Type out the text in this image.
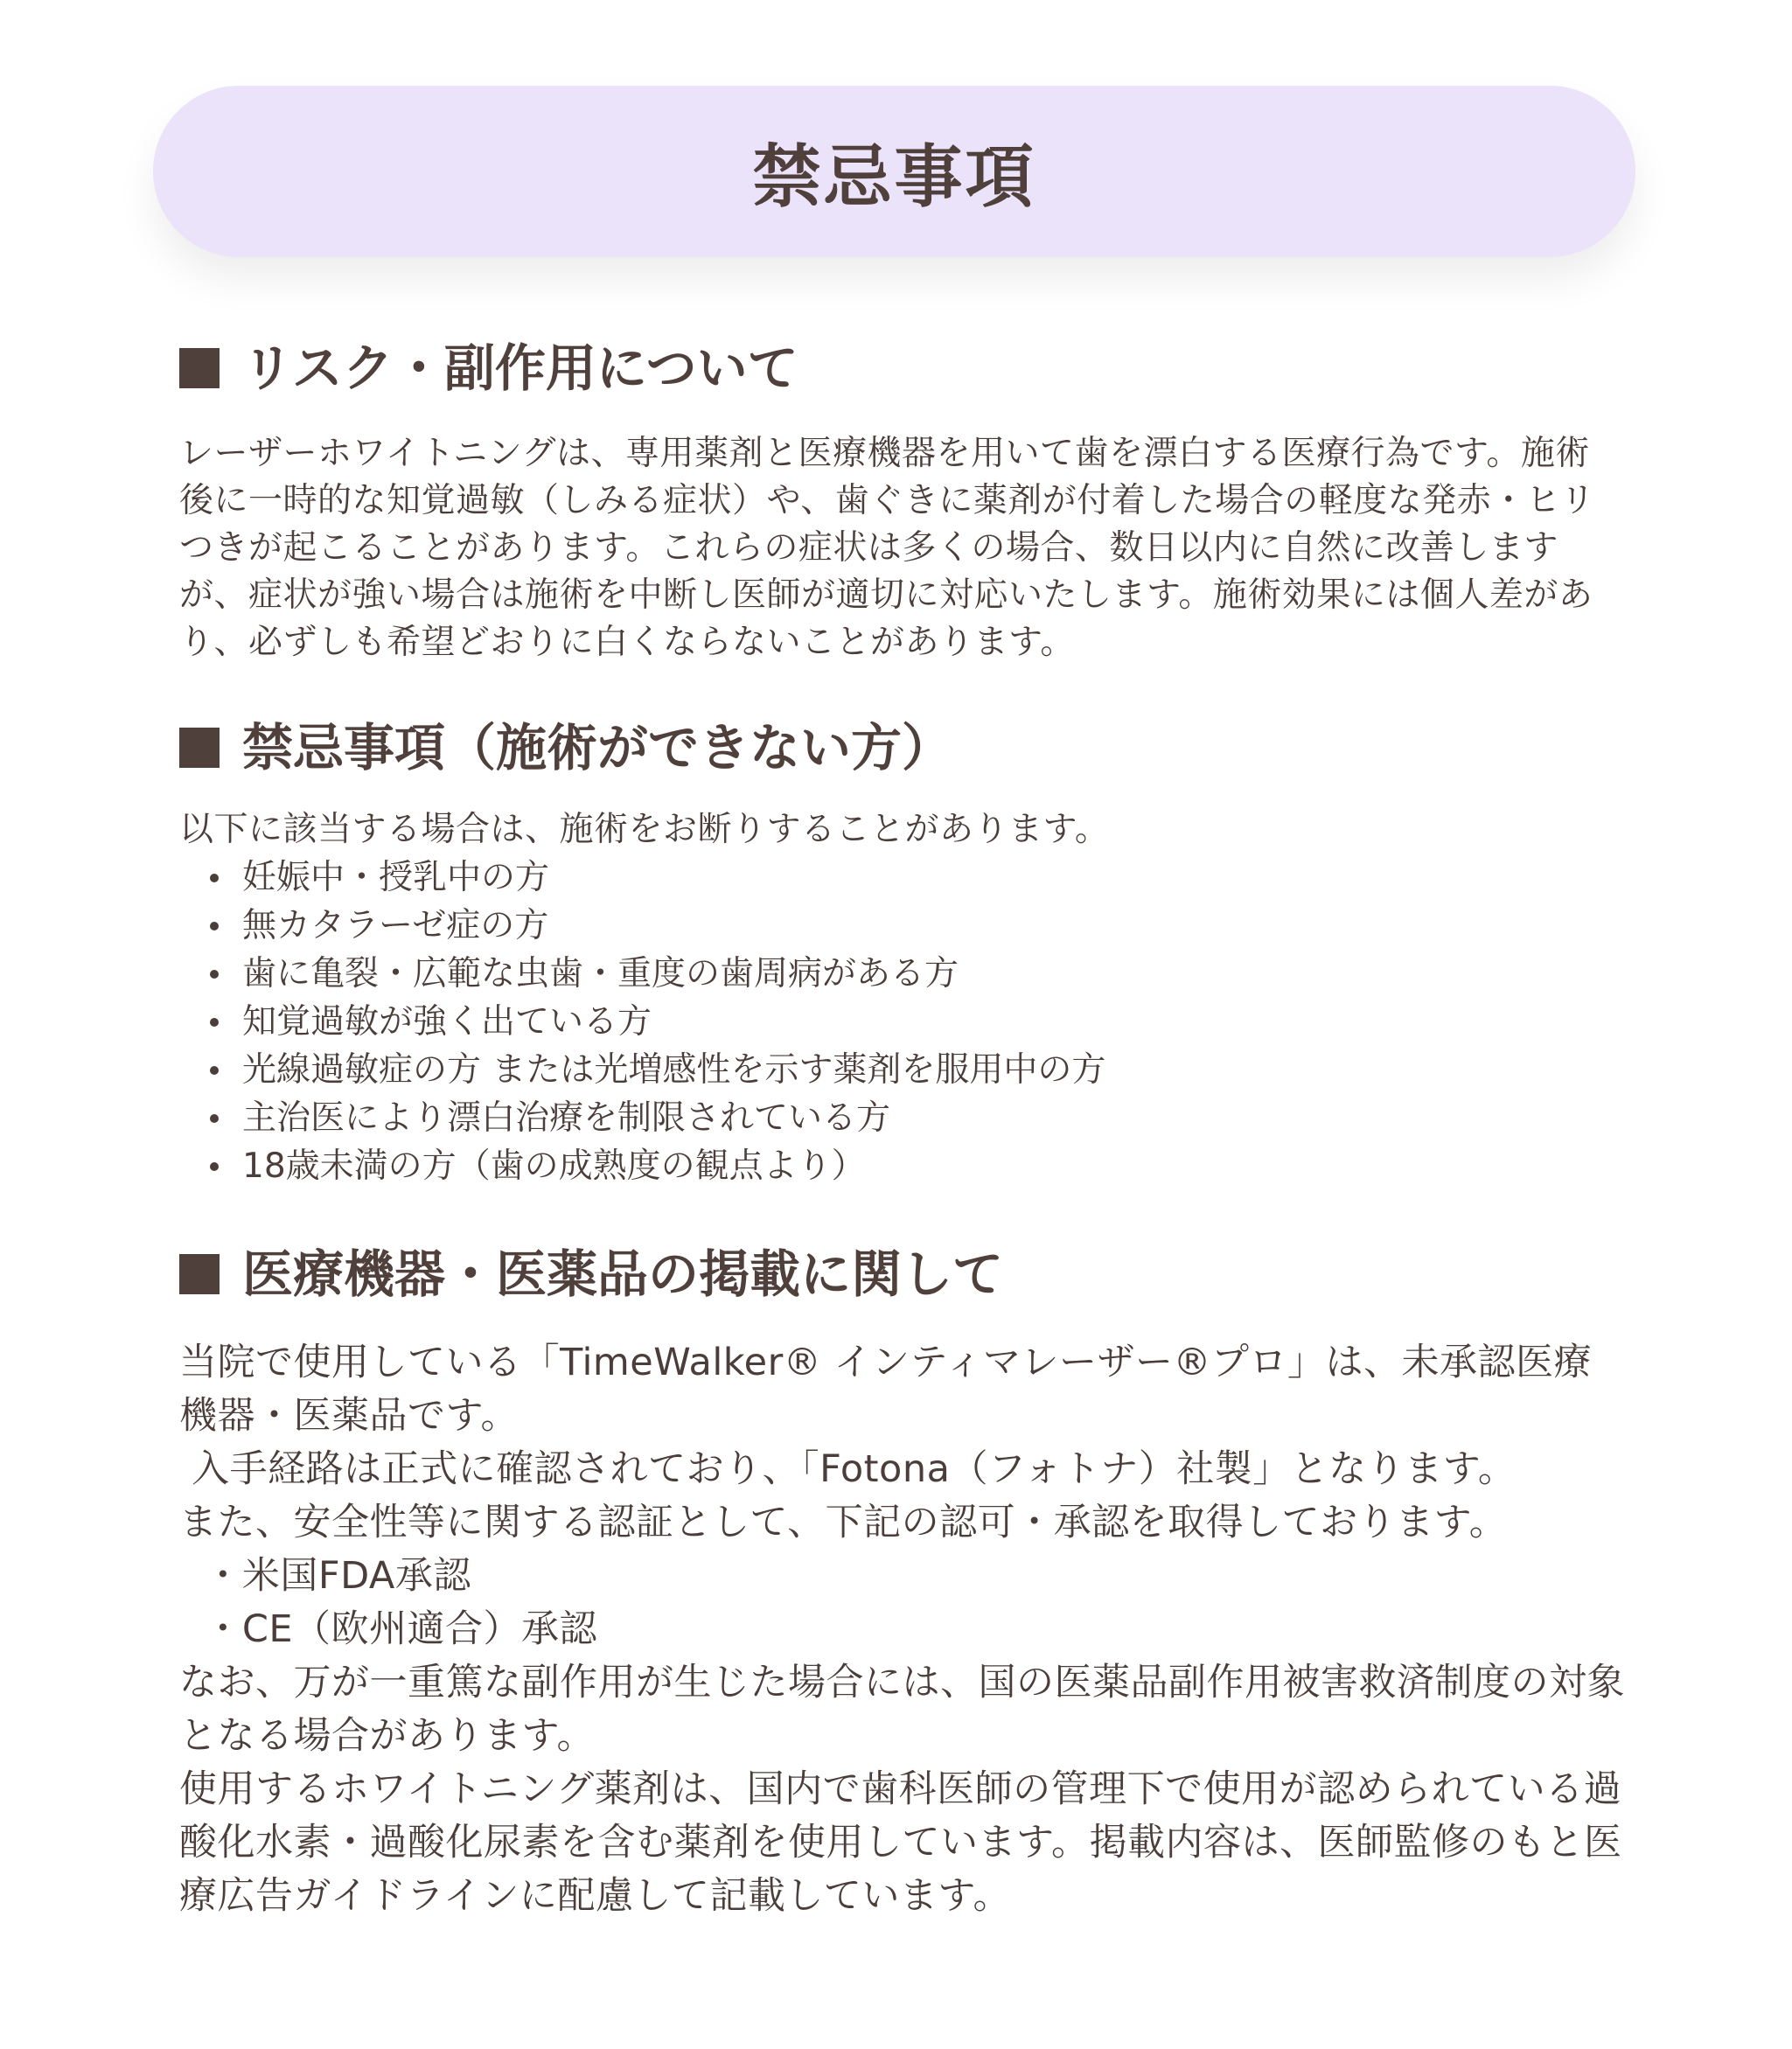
禁忌事項
リスク・副作用について

レーザーホワイトニングは、専用薬剤と医療機器を用いて歯を漂白する医療行為です。施術
後に一時的な知覚過敏（しみる症状）や、歯ぐきに薬剤が付着した場合の軽度な発赤・ヒリ
つきが起こることがあります。これらの症状は多くの場合、数日以内に自然に改善します
が、症状が強い場合は施術を中断し医師が適切に対応いたします。施術効果には個人差があ
り、必ずしも希望どおりに白くならないことがあります。

禁忌事項（施術ができない方）

以下に該当する場合は、施術をお断りすることがあります。

妊娠中・授乳中の方
無カタラーゼ症の方
歯に亀裂・広範な虫歯・重度の歯周病がある方
知覚過敏が強く出ている方
光線過敏症の方 または光増感性を示す薬剤を服用中の方
主治医により漂白治療を制限されている方
18歳未満の方（歯の成熟度の観点より）
医療機器・医薬品の掲載に関して

当院で使用している「TimeWalker® インティマレーザー®プロ」は、未承認医療
機器・医薬品です。
入手経路は正式に確認されており、「Fotona（フォトナ）社製」となります。
また、安全性等に関する認証として、下記の認可・承認を取得しております。
・米国FDA承認
・CE（欧州適合）承認
なお、万が一重篤な副作用が生じた場合には、国の医薬品副作用被害救済制度の対象
となる場合があります。
使用するホワイトニング薬剤は、国内で歯科医師の管理下で使用が認められている過
酸化水素・過酸化尿素を含む薬剤を使用しています。掲載内容は、医師監修のもと医
療広告ガイドラインに配慮して記載しています。
